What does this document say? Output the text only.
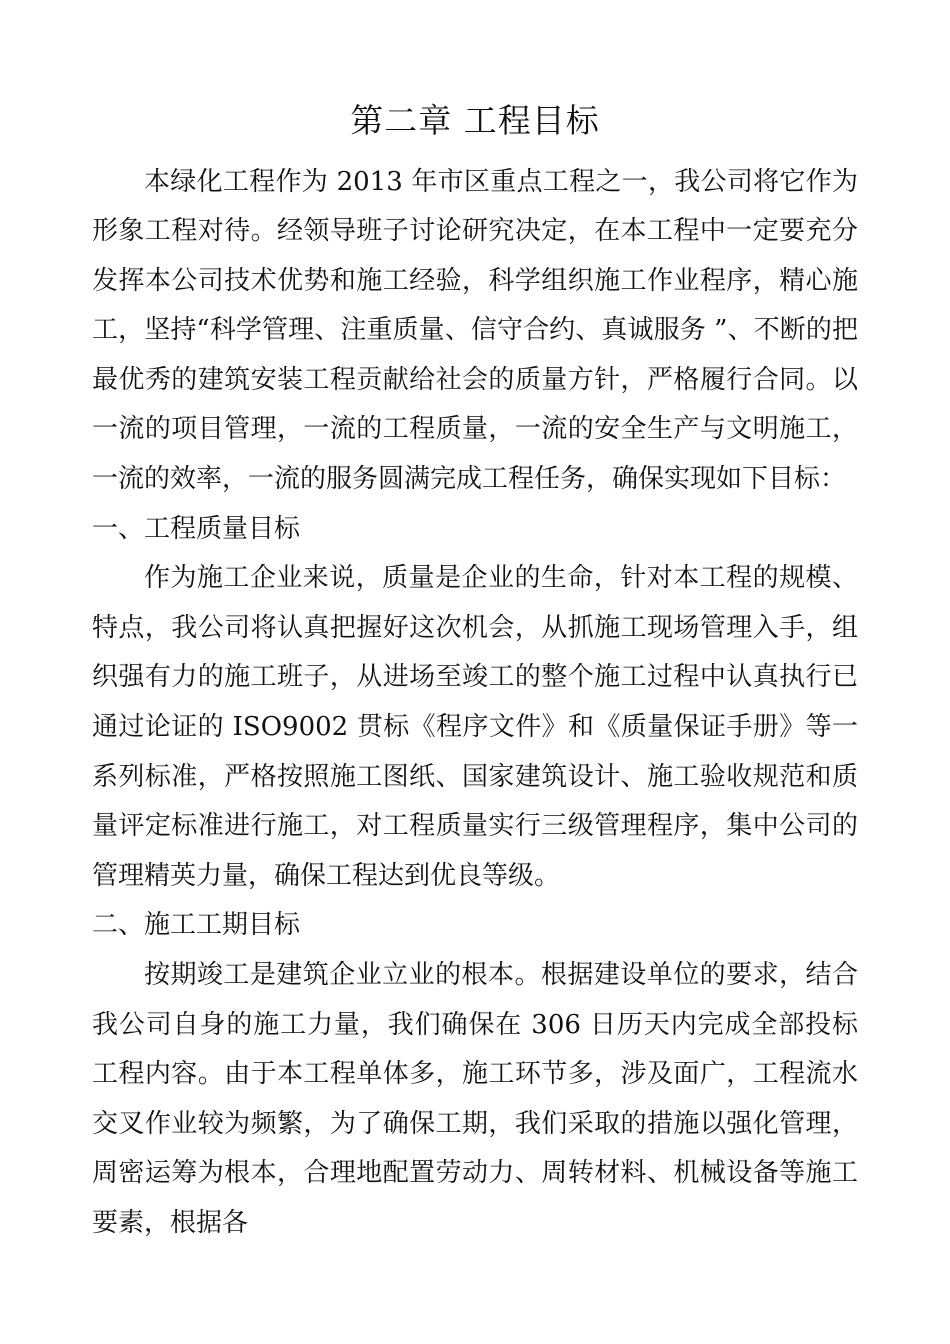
第二章 工程目标

本绿化工程作为 2013 年市区重点工程之一，我公司将它作为形象工程对待。经领导班子讨论研究决定，在本工程中一定要充分发挥本公司技术优势和施工经验，科学组织施工作业程序，精心施工，坚持“科学管理、注重质量、信守合约、真诚服务 ”、不断的把最优秀的建筑安装工程贡献给社会的质量方针，严格履行合同。以一流的项目管理，一流的工程质量，一流的安全生产与文明施工，一流的效率，一流的服务圆满完成工程任务，确保实现如下目标：

一、工程质量目标

作为施工企业来说，质量是企业的生命，针对本工程的规模、特点，我公司将认真把握好这次机会，从抓施工现场管理入手，组织强有力的施工班子，从进场至竣工的整个施工过程中认真执行已通过论证的 ISO9002 贯标《程序文件》和《质量保证手册》等一系列标准，严格按照施工图纸、国家建筑设计、施工验收规范和质量评定标准进行施工，对工程质量实行三级管理程序，集中公司的管理精英力量，确保工程达到优良等级。

二、施工工期目标

按期竣工是建筑企业立业的根本。根据建设单位的要求，结合我公司自身的施工力量，我们确保在 306 日历天内完成全部投标工程内容。由于本工程单体多，施工环节多，涉及面广，工程流水交叉作业较为频繁，为了确保工期，我们采取的措施以强化管理，周密运筹为根本，合理地配置劳动力、周转材料、机械设备等施工要素，根据各
